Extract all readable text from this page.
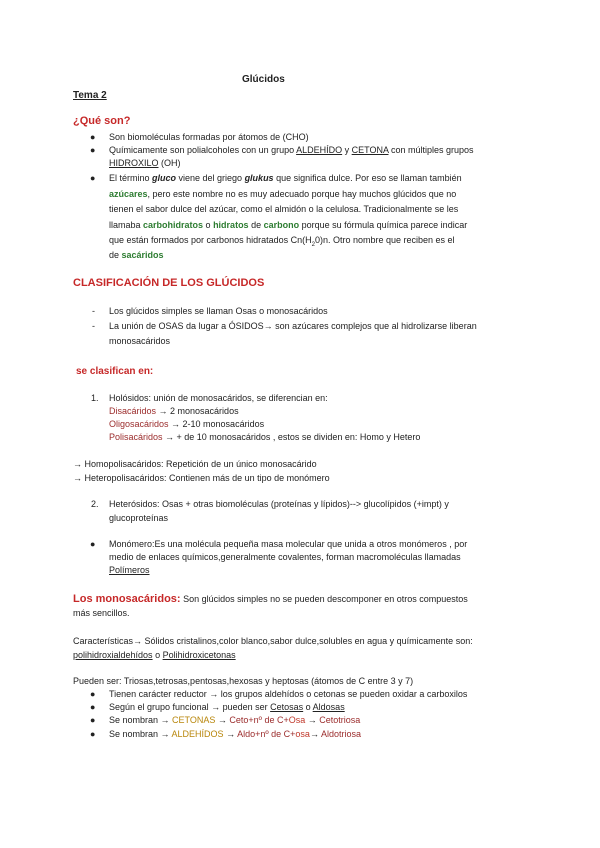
Glúcidos
Tema 2
¿Qué son?
● Son biomoléculas formadas por átomos de (CHO)
● Químicamente son polialcoholes con un grupo ALDEHÍDO y CETONA con múltiples grupos
HIDROXILO (OH)
● El término gluco viene del griego glukus que significa dulce. Por eso se llaman también
azúcares, pero este nombre no es muy adecuado porque hay muchos glúcidos que no
tienen el sabor dulce del azúcar, como el almidón o la celulosa. Tradicionalmente se les
llamaba carbohidratos o hidratos de carbono porque su fórmula química parece indicar
que están formados por carbonos hidratados $Cn(H_20)n$. Otro nombre que reciben es el
de sacáridos
CLASIFICACIÓN DE LOS GLÚCIDOS
- Los glúcidos simples se llaman Osas o monosacáridos
- La unión de OSAS da lugar a ÓSIDOS→ son azúcares complejos que al hidrolizarse liberan
monosacáridos
se clasifican en:
1. Holósidos: unión de monosacáridos, se diferencian en:
Disacáridos → 2 monosacáridos
Oligosacáridos → 2-10 monosacáridos
Polisacáridos → + de 10 monosacáridos , estos se dividen en: Homo y Hetero
→ Homopolisacáridos: Repetición de un único monosacárido
→ Heteropolisacáridos: Contienen más de un tipo de monómero
2. Heterósidos: Osas + otras biomoléculas (proteínas y lípidos)--> glucolípidos (+impt) y
glucoproteínas
● Monómero:Es una molécula pequeña masa molecular que unida a otros monómeros , por
medio de enlaces químicos,generalmente covalentes, forman macromoléculas llamadas
Polímeros
Los monosacáridos: Son glúcidos simples no se pueden descomponer en otros compuestos
más sencillos.
Características→ Sólidos cristalinos,color blanco,sabor dulce,solubles en agua y químicamente son:
polihidroxialdehídos o Polihidroxicetonas
Pueden ser: Triosas,tetrosas,pentosas,hexosas y heptosas (átomos de C entre 3 y 7)
● Tienen carácter reductor → los grupos aldehídos o cetonas se pueden oxidar a carboxilos
● Según el grupo funcional → pueden ser Cetosas o Aldosas
● Se nombran → CETONAS → Ceto+nº de C+Osa → Cetotriosa
● Se nombran → ALDEHÍDOS → Aldo+nº de C+osa→ Aldotriosa
